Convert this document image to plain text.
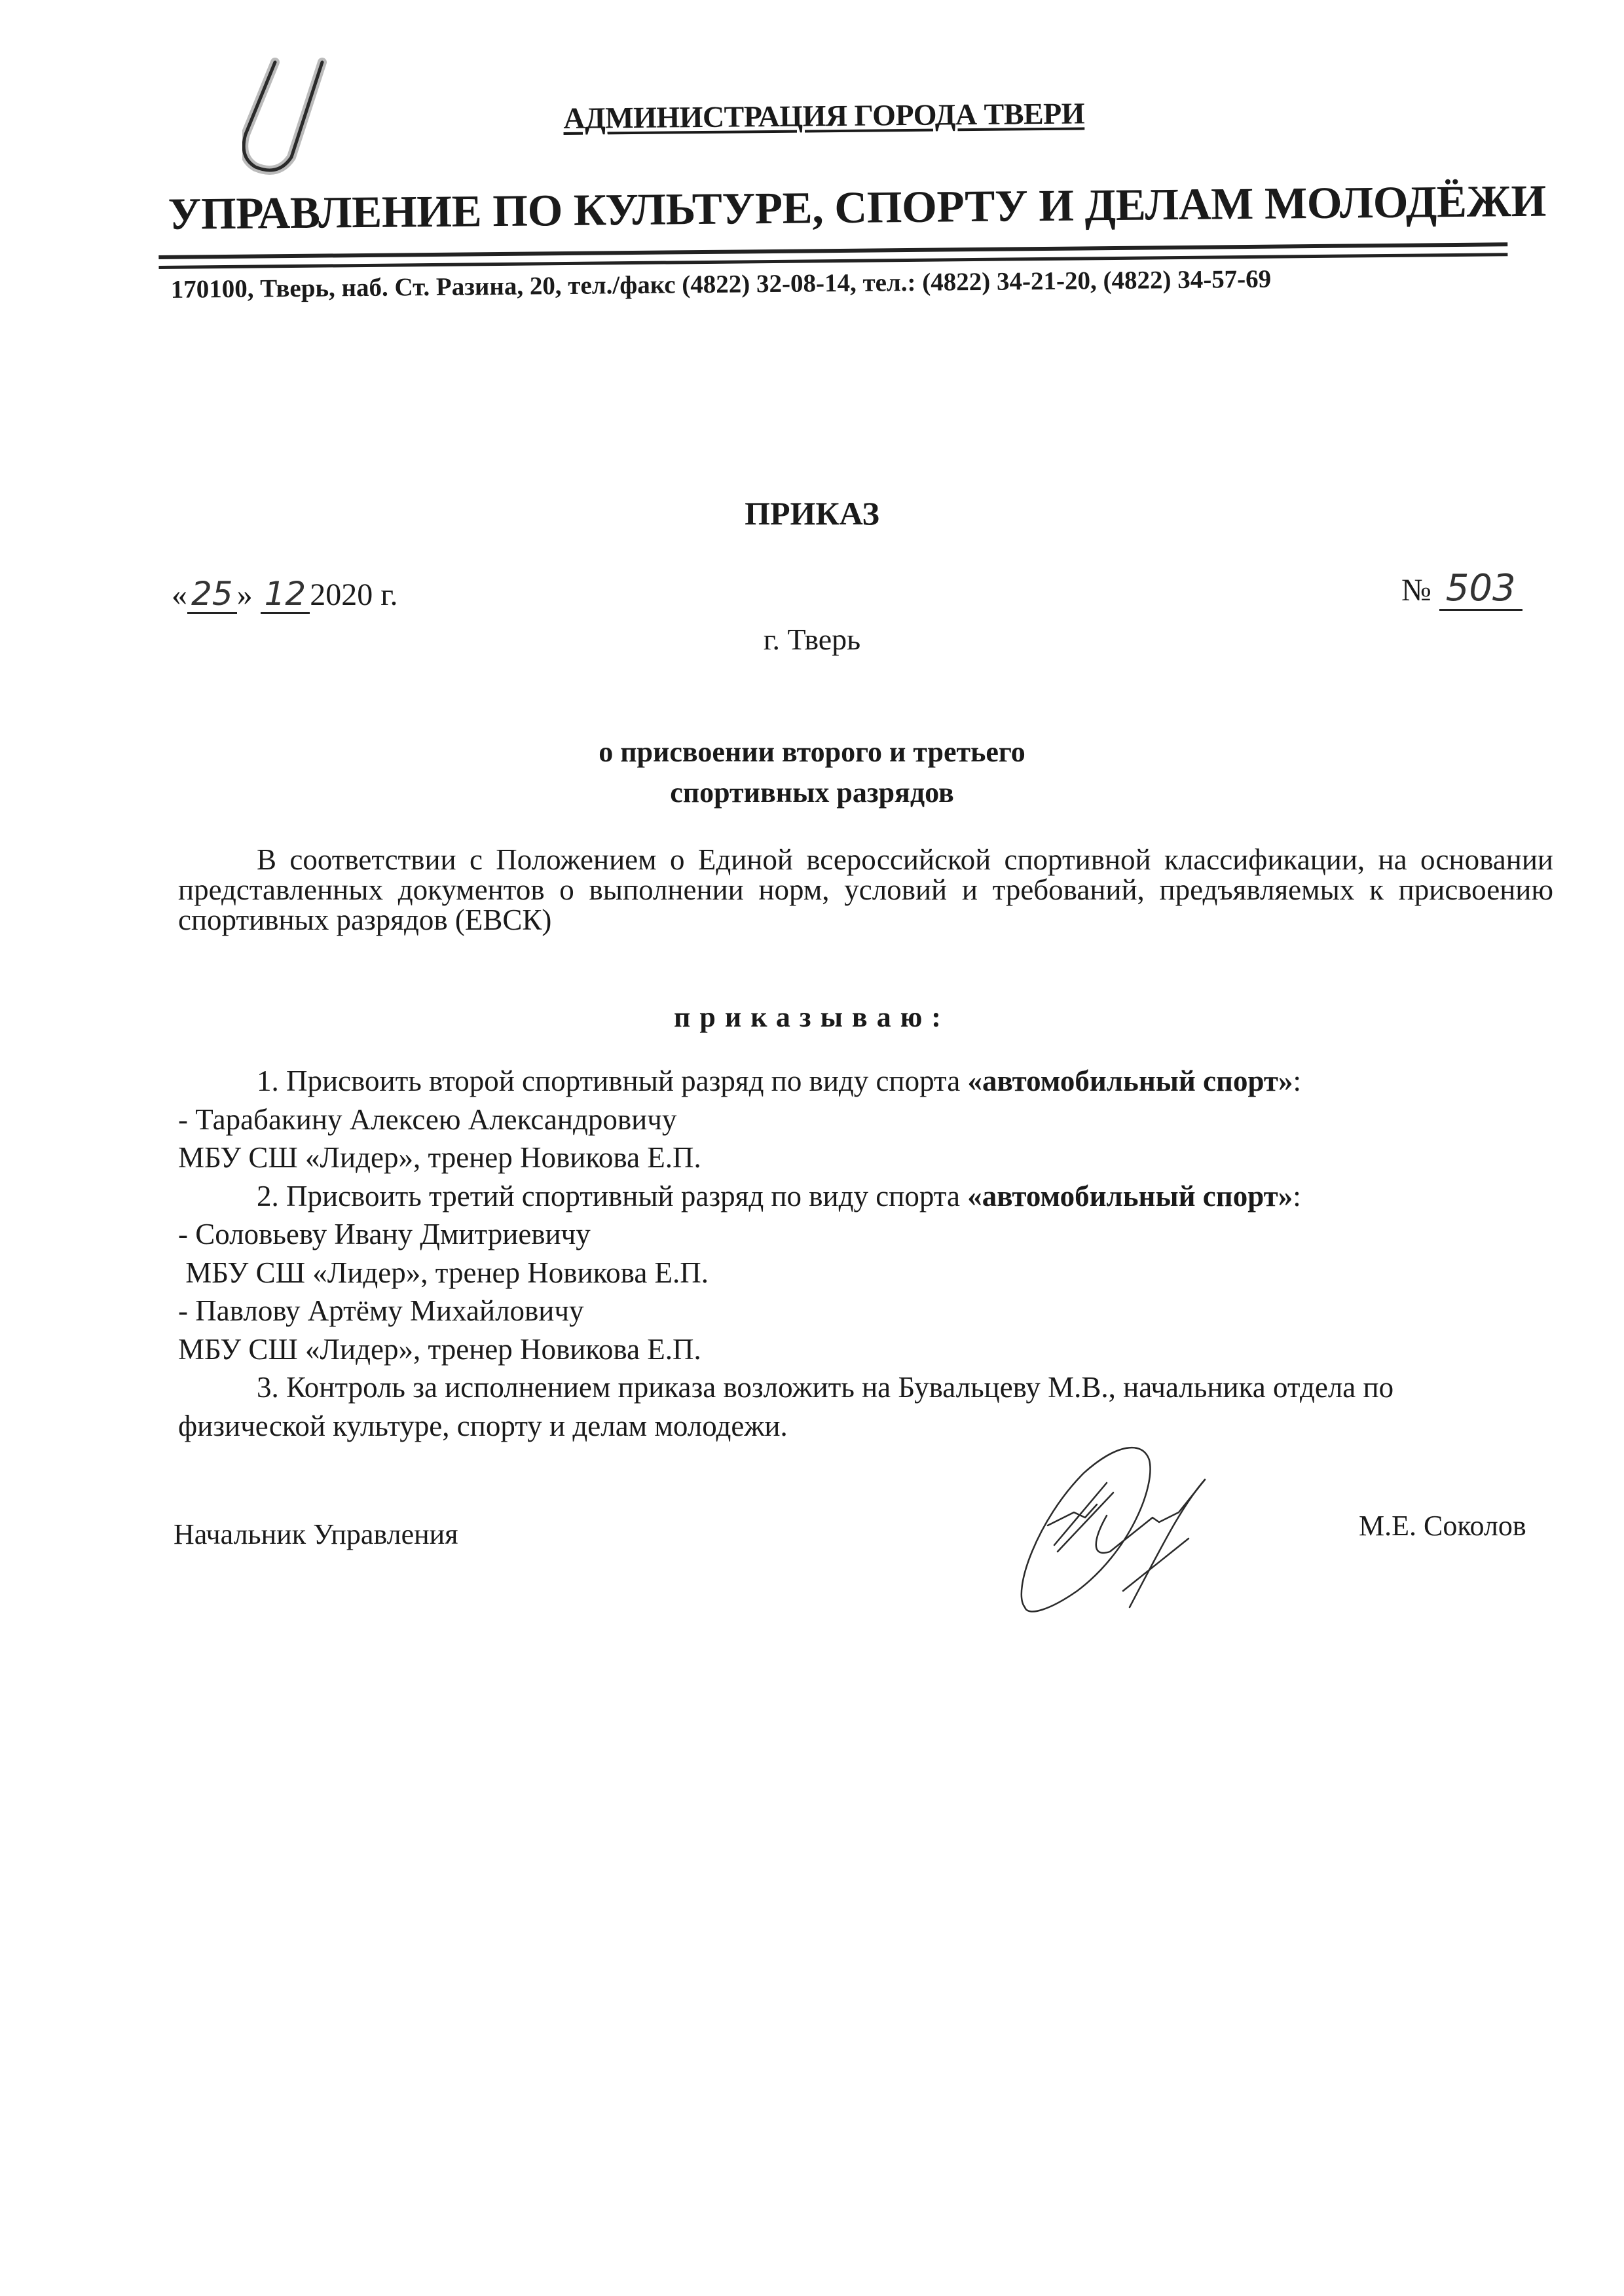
АДМИНИСТРАЦИЯ ГОРОДА ТВЕРИ
УПРАВЛЕНИЕ ПО КУЛЬТУРЕ, СПОРТУ И ДЕЛАМ МОЛОДЁЖИ
170100, Тверь, наб. Ст. Разина, 20, тел./факс (4822) 32-08-14, тел.: (4822) 34-21-20, (4822) 34-57-69
ПРИКАЗ
« 25 » 12 2020 г.	№ 503
г. Тверь
о присвоении второго и третьего
спортивных разрядов

В соответствии с Положением о Единой всероссийской спортивной классификации, на основании представленных документов о выполнении норм, условий и требований, предъявляемых к присвоению спортивных разрядов (ЕВСК)

приказываю:
1. Присвоить второй спортивный разряд по виду спорта «автомобильный спорт»:
- Тарабакину Алексею Александровичу
МБУ СШ «Лидер», тренер Новикова Е.П.
2. Присвоить третий спортивный разряд по виду спорта «автомобильный спорт»:
- Соловьеву Ивану Дмитриевичу
МБУ СШ «Лидер», тренер Новикова Е.П.
- Павлову Артёму Михайловичу
МБУ СШ «Лидер», тренер Новикова Е.П.
3. Контроль за исполнением приказа возложить на Бувальцеву М.В., начальника отдела по
физической культуре, спорту и делам молодежи.
Начальник Управления	М.Е. Соколов
